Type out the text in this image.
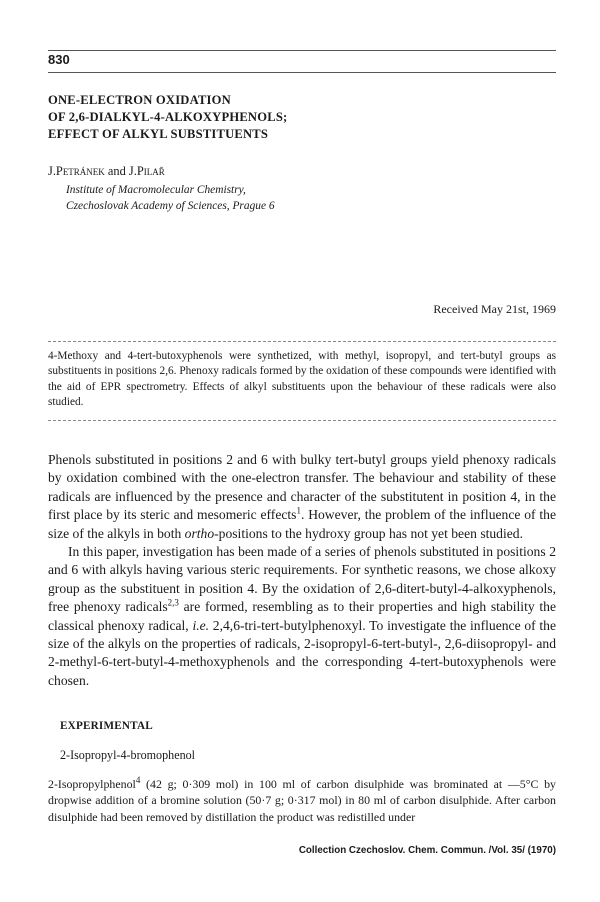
830
ONE-ELECTRON OXIDATION
OF 2,6-DIALKYL-4-ALKOXYPHENOLS;
EFFECT OF ALKYL SUBSTITUENTS
J.Petránek and J.Pilař
Institute of Macromolecular Chemistry,
Czechoslovak Academy of Sciences, Prague 6
Received May 21st, 1969
4-Methoxy and 4-tert-butoxyphenols were synthetized, with methyl, isopropyl, and tert-butyl groups as substituents in positions 2,6. Phenoxy radicals formed by the oxidation of these compounds were identified with the aid of EPR spectrometry. Effects of alkyl substituents upon the behaviour of these radicals were also studied.

Phenols substituted in positions 2 and 6 with bulky tert-butyl groups yield phenoxy radicals by oxidation combined with the one-electron transfer. The behaviour and stability of these radicals are influenced by the presence and character of the substitutent in position 4, in the first place by its steric and mesomeric effects$^1$. However, the problem of the influence of the size of the alkyls in both ortho-positions to the hydroxy group has not yet been studied.

In this paper, investigation has been made of a series of phenols substituted in positions 2 and 6 with alkyls having various steric requirements. For synthetic reasons, we chose alkoxy group as the substituent in position 4. By the oxidation of 2,6-ditert-butyl-4-alkoxyphenols, free phenoxy radicals$^{2,3}$ are formed, resembling as to their properties and high stability the classical phenoxy radical, i.e. 2,4,6-tri-tert-butylphenoxyl. To investigate the influence of the size of the alkyls on the properties of radicals, 2-isopropyl-6-tert-butyl-, 2,6-diisopropyl- and 2-methyl-6-tert-butyl-4-methoxyphenols and the corresponding 4-tert-butoxyphenols were chosen.

EXPERIMENTAL
2-Isopropyl-4-bromophenol
2-Isopropylphenol$^4$ (42 g; 0·309 mol) in 100 ml of carbon disulphide was brominated at —5°C by dropwise addition of a bromine solution (50·7 g; 0·317 mol) in 80 ml of carbon disulphide. After carbon disulphide had been removed by distillation the product was redistilled under
Collection Czechoslov. Chem. Commun. /Vol. 35/ (1970)
